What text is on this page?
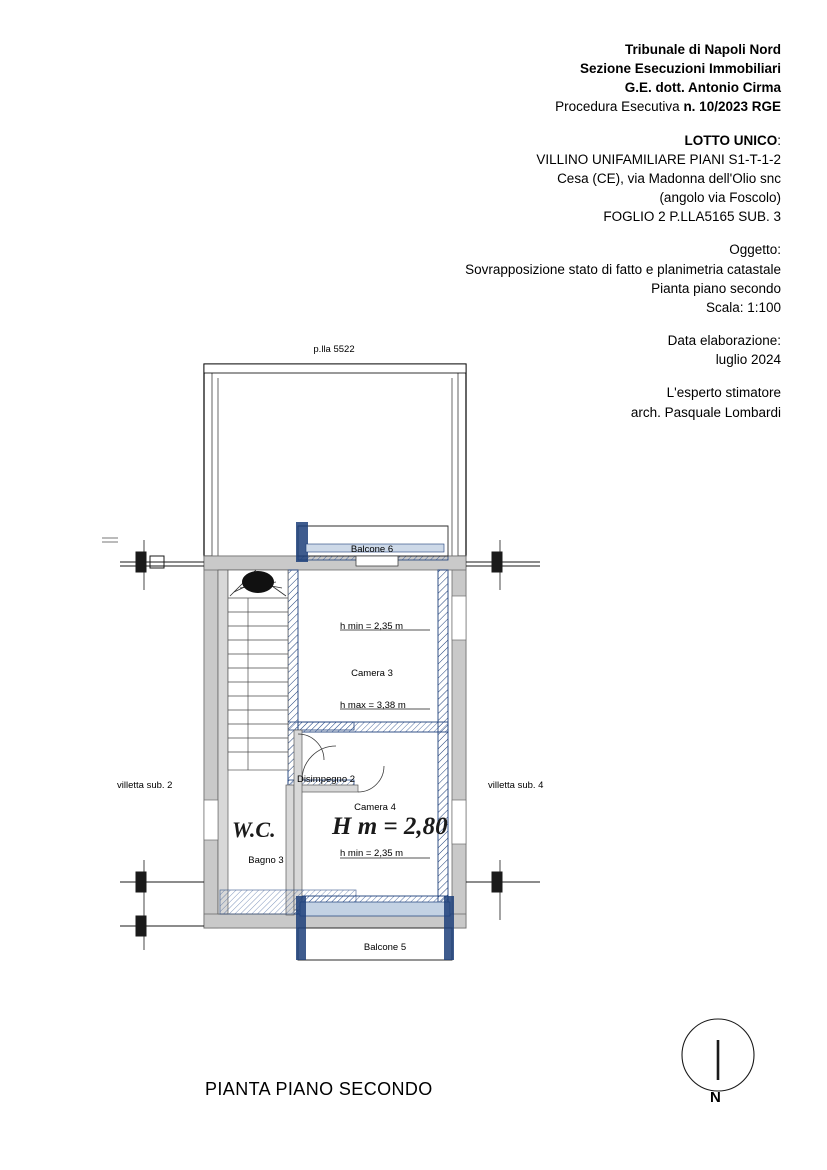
Tribunale di Napoli Nord
Sezione Esecuzioni Immobiliari
G.E. dott. Antonio Cirma
Procedura Esecutiva n. 10/2023 RGE
LOTTO UNICO:
VILLINO UNIFAMILIARE PIANI S1-T-1-2
Cesa (CE), via Madonna dell'Olio snc
(angolo via Foscolo)
FOGLIO 2 P.LLA5165 SUB. 3
Oggetto:
Sovrapposizione stato di fatto e planimetria catastale
Pianta piano secondo
Scala: 1:100
Data elaborazione:
luglio 2024
L'esperto stimatore
arch. Pasquale Lombardi
p.lla 5522
Balcone 6
Camera 3
Disimpegno 2
Bagno 3
Camera 4
Balcone 5
h min = 2,35 m
h max = 3,38 m
h min = 2,35 m
villetta sub. 2	villetta sub. 4
W.C. H m = 2,80
PIANTA PIANO SECONDO	N
